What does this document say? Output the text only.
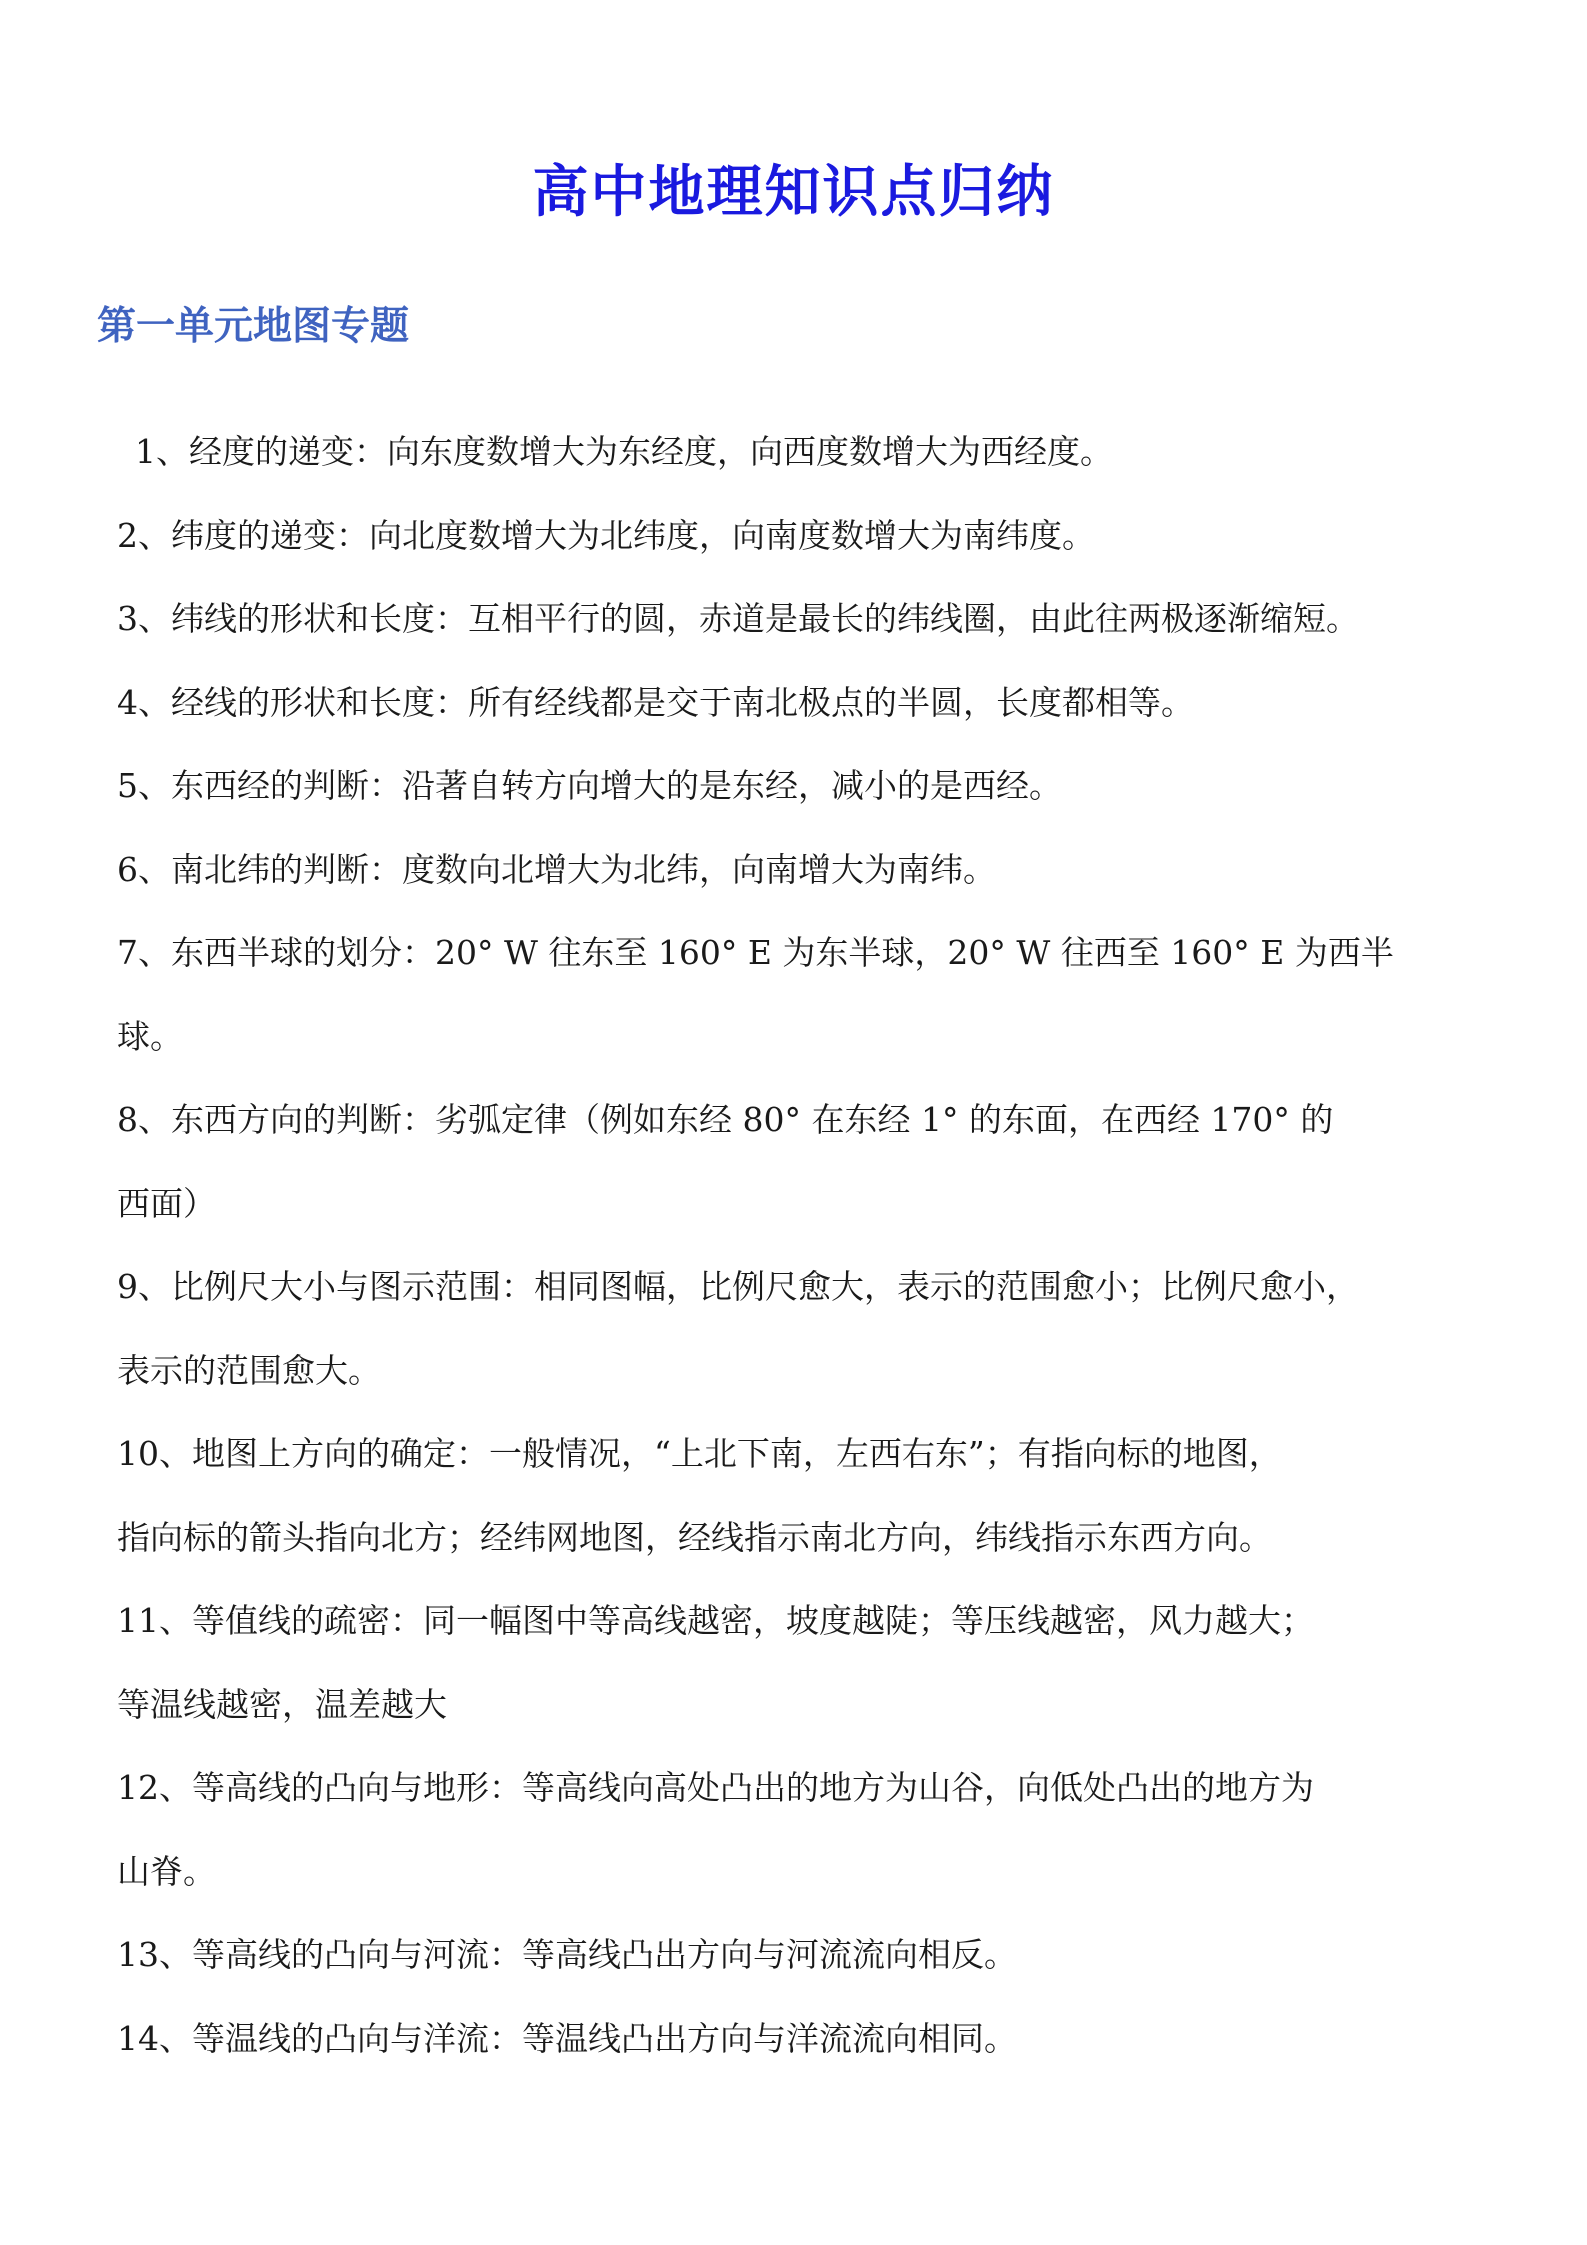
高中地理知识点归纳
第一单元地图专题
1、经度的递变：向东度数增大为东经度，向西度数增大为西经度。
2、纬度的递变：向北度数增大为北纬度，向南度数增大为南纬度。
3、纬线的形状和长度：互相平行的圆，赤道是最长的纬线圈，由此往两极逐渐缩短。
4、经线的形状和长度：所有经线都是交于南北极点的半圆，长度都相等。
5、东西经的判断：沿著自转方向增大的是东经，减小的是西经。
6、南北纬的判断：度数向北增大为北纬，向南增大为南纬。
7、东西半球的划分：20° W 往东至 160° E 为东半球，20° W 往西至 160° E 为西半
球。
8、东西方向的判断：劣弧定律（例如东经 80° 在东经 1° 的东面，在西经 170° 的
西面）
9、比例尺大小与图示范围：相同图幅，比例尺愈大，表示的范围愈小；比例尺愈小，
表示的范围愈大。
10、地图上方向的确定：一般情况，“上北下南，左西右东”；有指向标的地图，
指向标的箭头指向北方；经纬网地图，经线指示南北方向，纬线指示东西方向。
11、等值线的疏密：同一幅图中等高线越密，坡度越陡；等压线越密，风力越大；
等温线越密，温差越大
12、等高线的凸向与地形：等高线向高处凸出的地方为山谷，向低处凸出的地方为
山脊。
13、等高线的凸向与河流：等高线凸出方向与河流流向相反。
14、等温线的凸向与洋流：等温线凸出方向与洋流流向相同。
